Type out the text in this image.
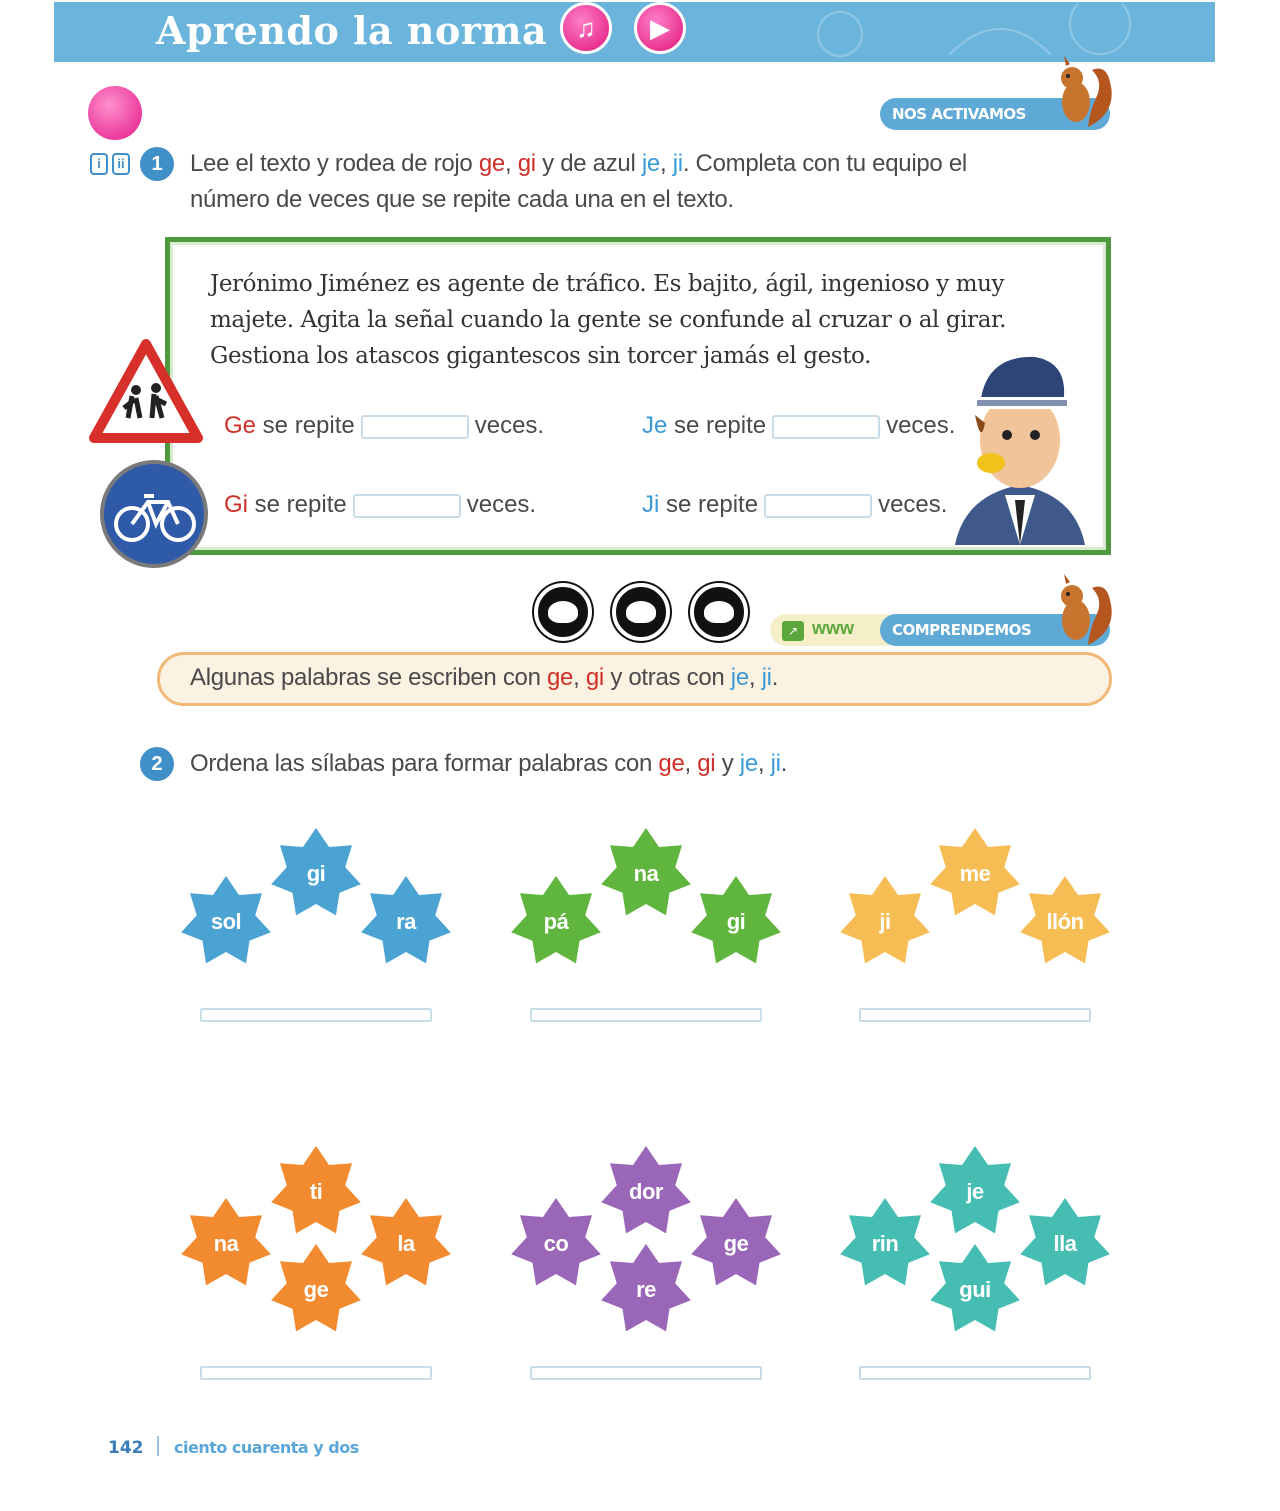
Aprendo la norma	♫	▶
NOS ACTIVAMOS
i	ii	1	Lee el texto y rodea de rojo ge, gi y de azul je, ji. Completa con tu equipo el número de veces que se repite cada una en el texto.
Jerónimo Jiménez es agente de tráfico. Es bajito, ágil, ingenioso y muy majete. Agita la señal cuando la gente se confunde al cruzar o al girar. Gestiona los atascos gigantescos sin torcer jamás el gesto.
Ge se repite	veces.	Je se repite	veces.
Gi se repite	veces.	Ji se repite	veces.
↗ www	COMPRENDEMOS
Algunas palabras se escriben con ge, gi y otras con je, ji.
2	Ordena las sílabas para formar palabras con ge, gi y je, ji.
sol
gi
ra	pá
na
gi	ji
me
llón
na
ti
ge
la	co
dor
re
ge	rin
je
gui
lla
142 ciento cuarenta y dos
